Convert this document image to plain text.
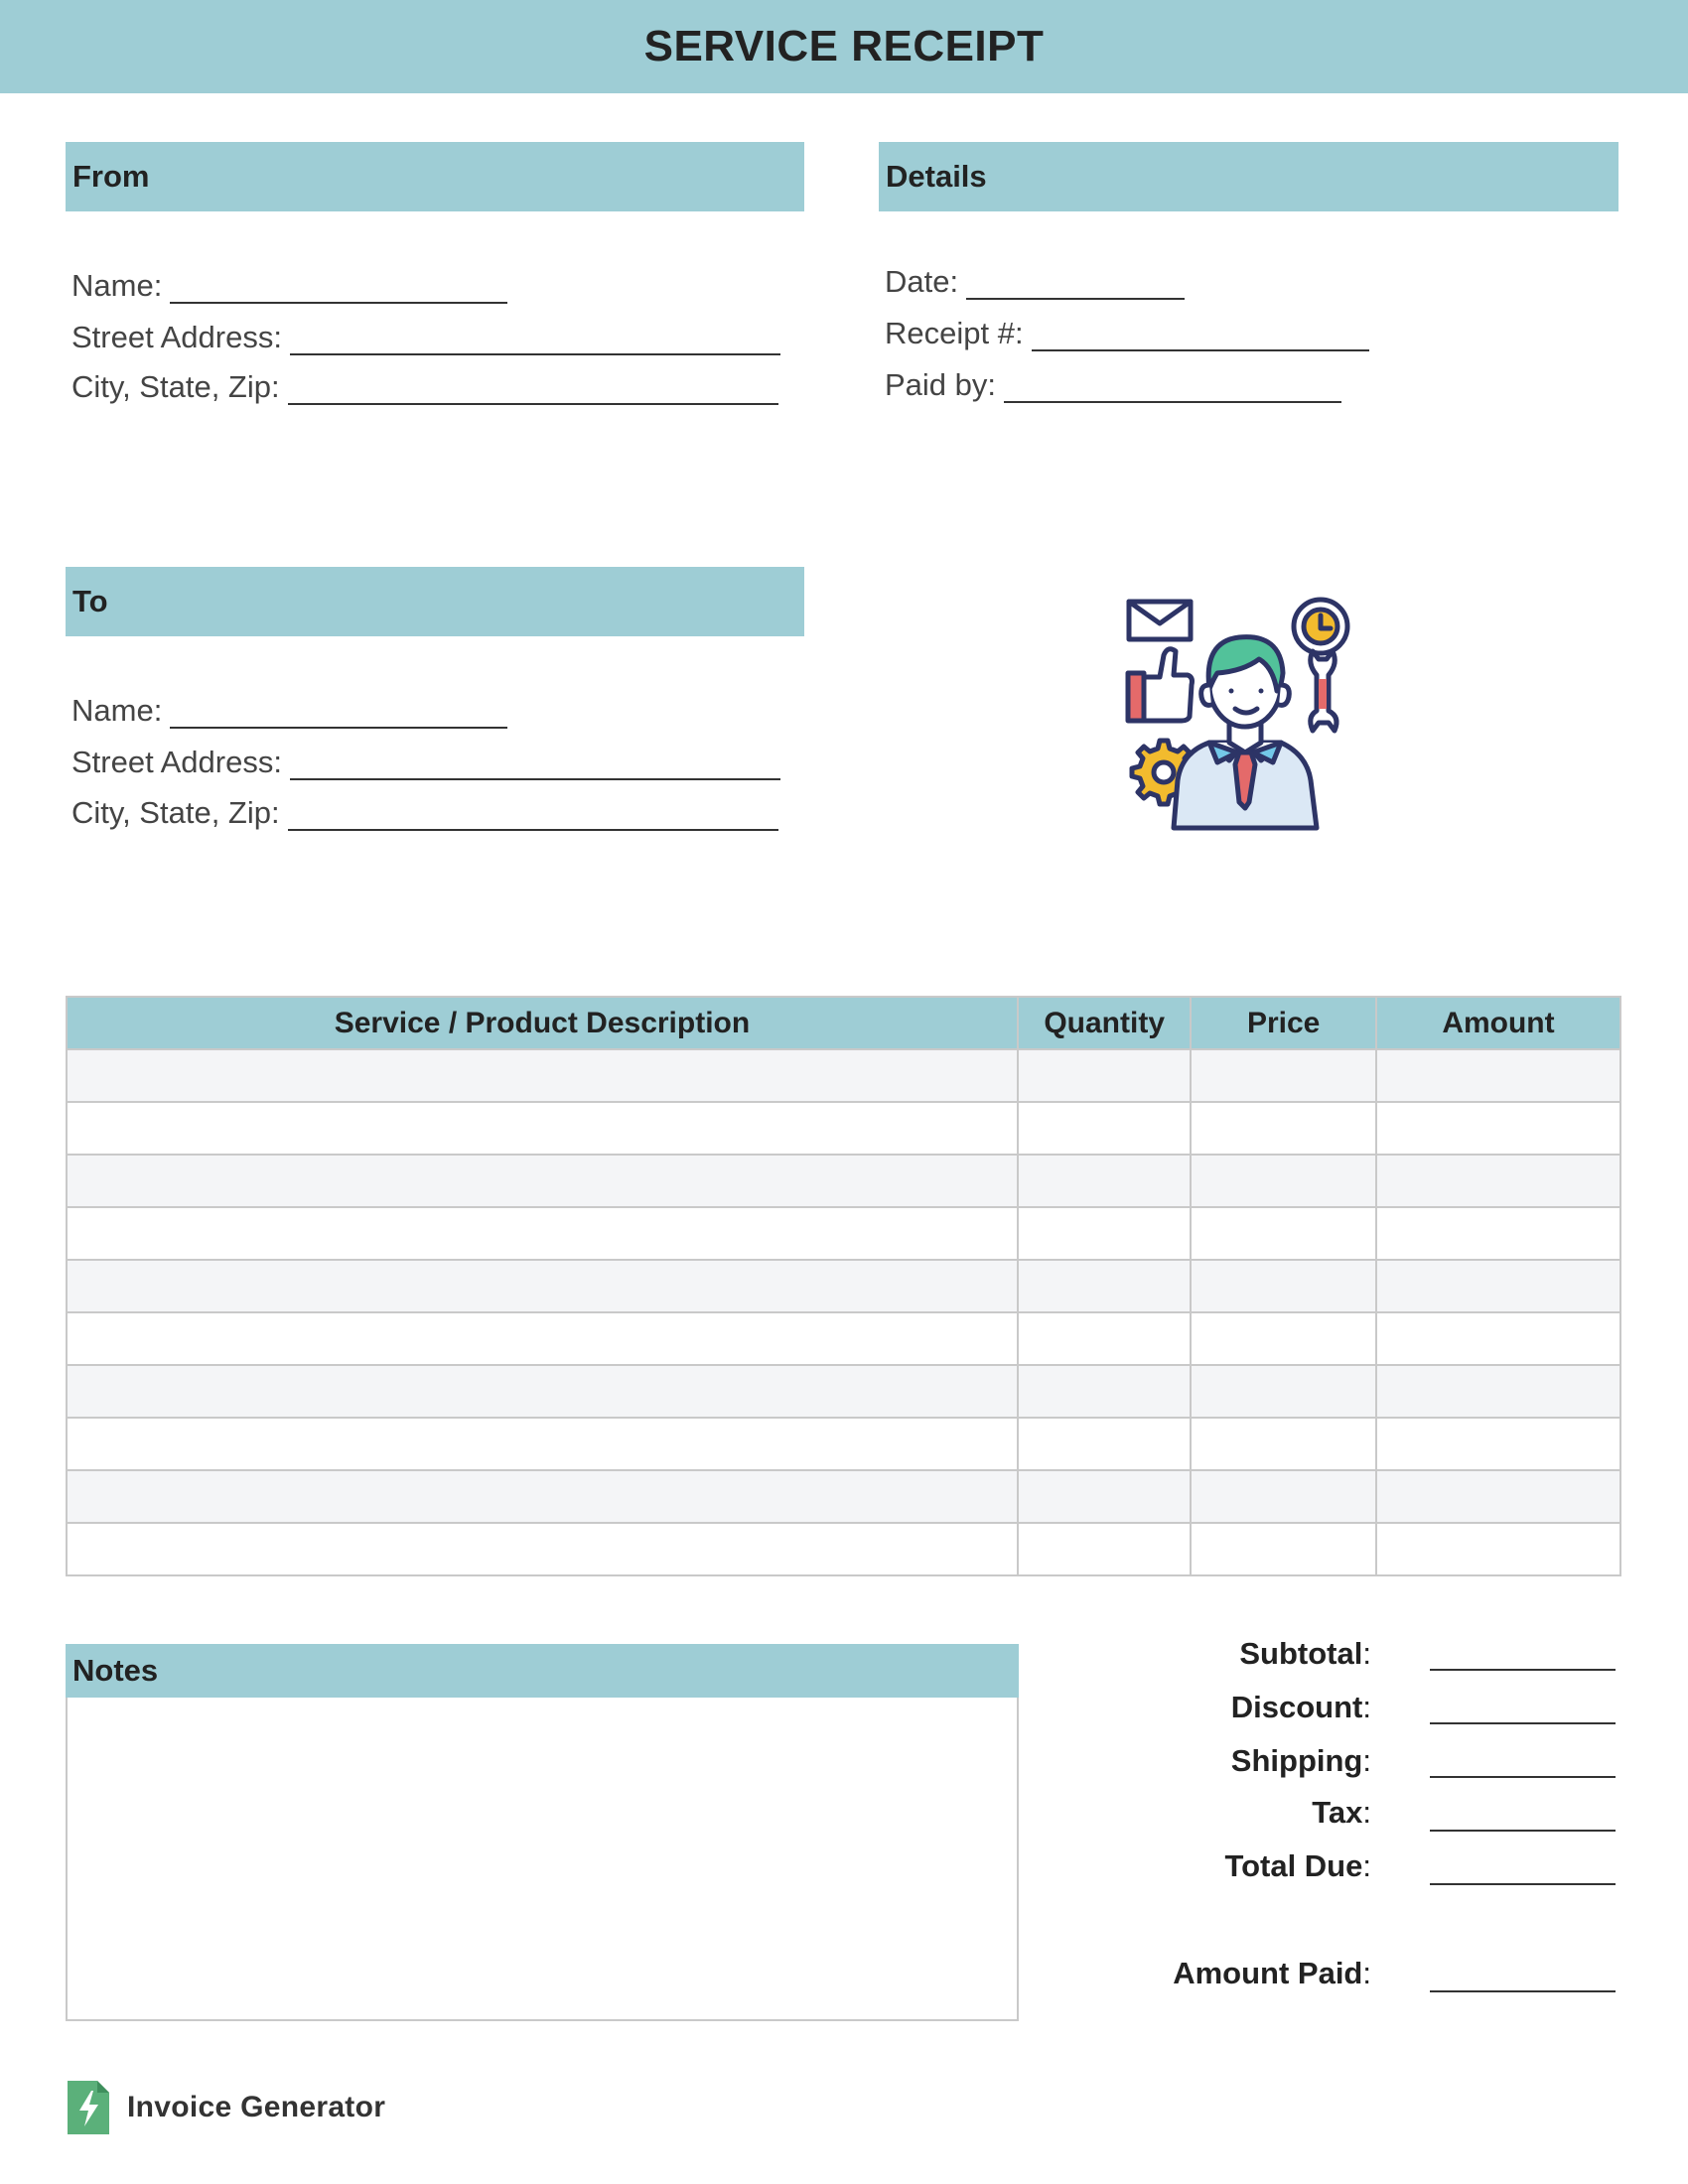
SERVICE RECEIPT
From
Name:
Street Address:
City, State, Zip:
Details
Date:
Receipt #:
Paid by:
To
Name:
Street Address:
City, State, Zip:
Service / Product Description	Quantity	Price	Amount

Notes	Subtotal:
Discount:
Shipping:
Tax:
Total Due:
Amount Paid:
Invoice Generator
